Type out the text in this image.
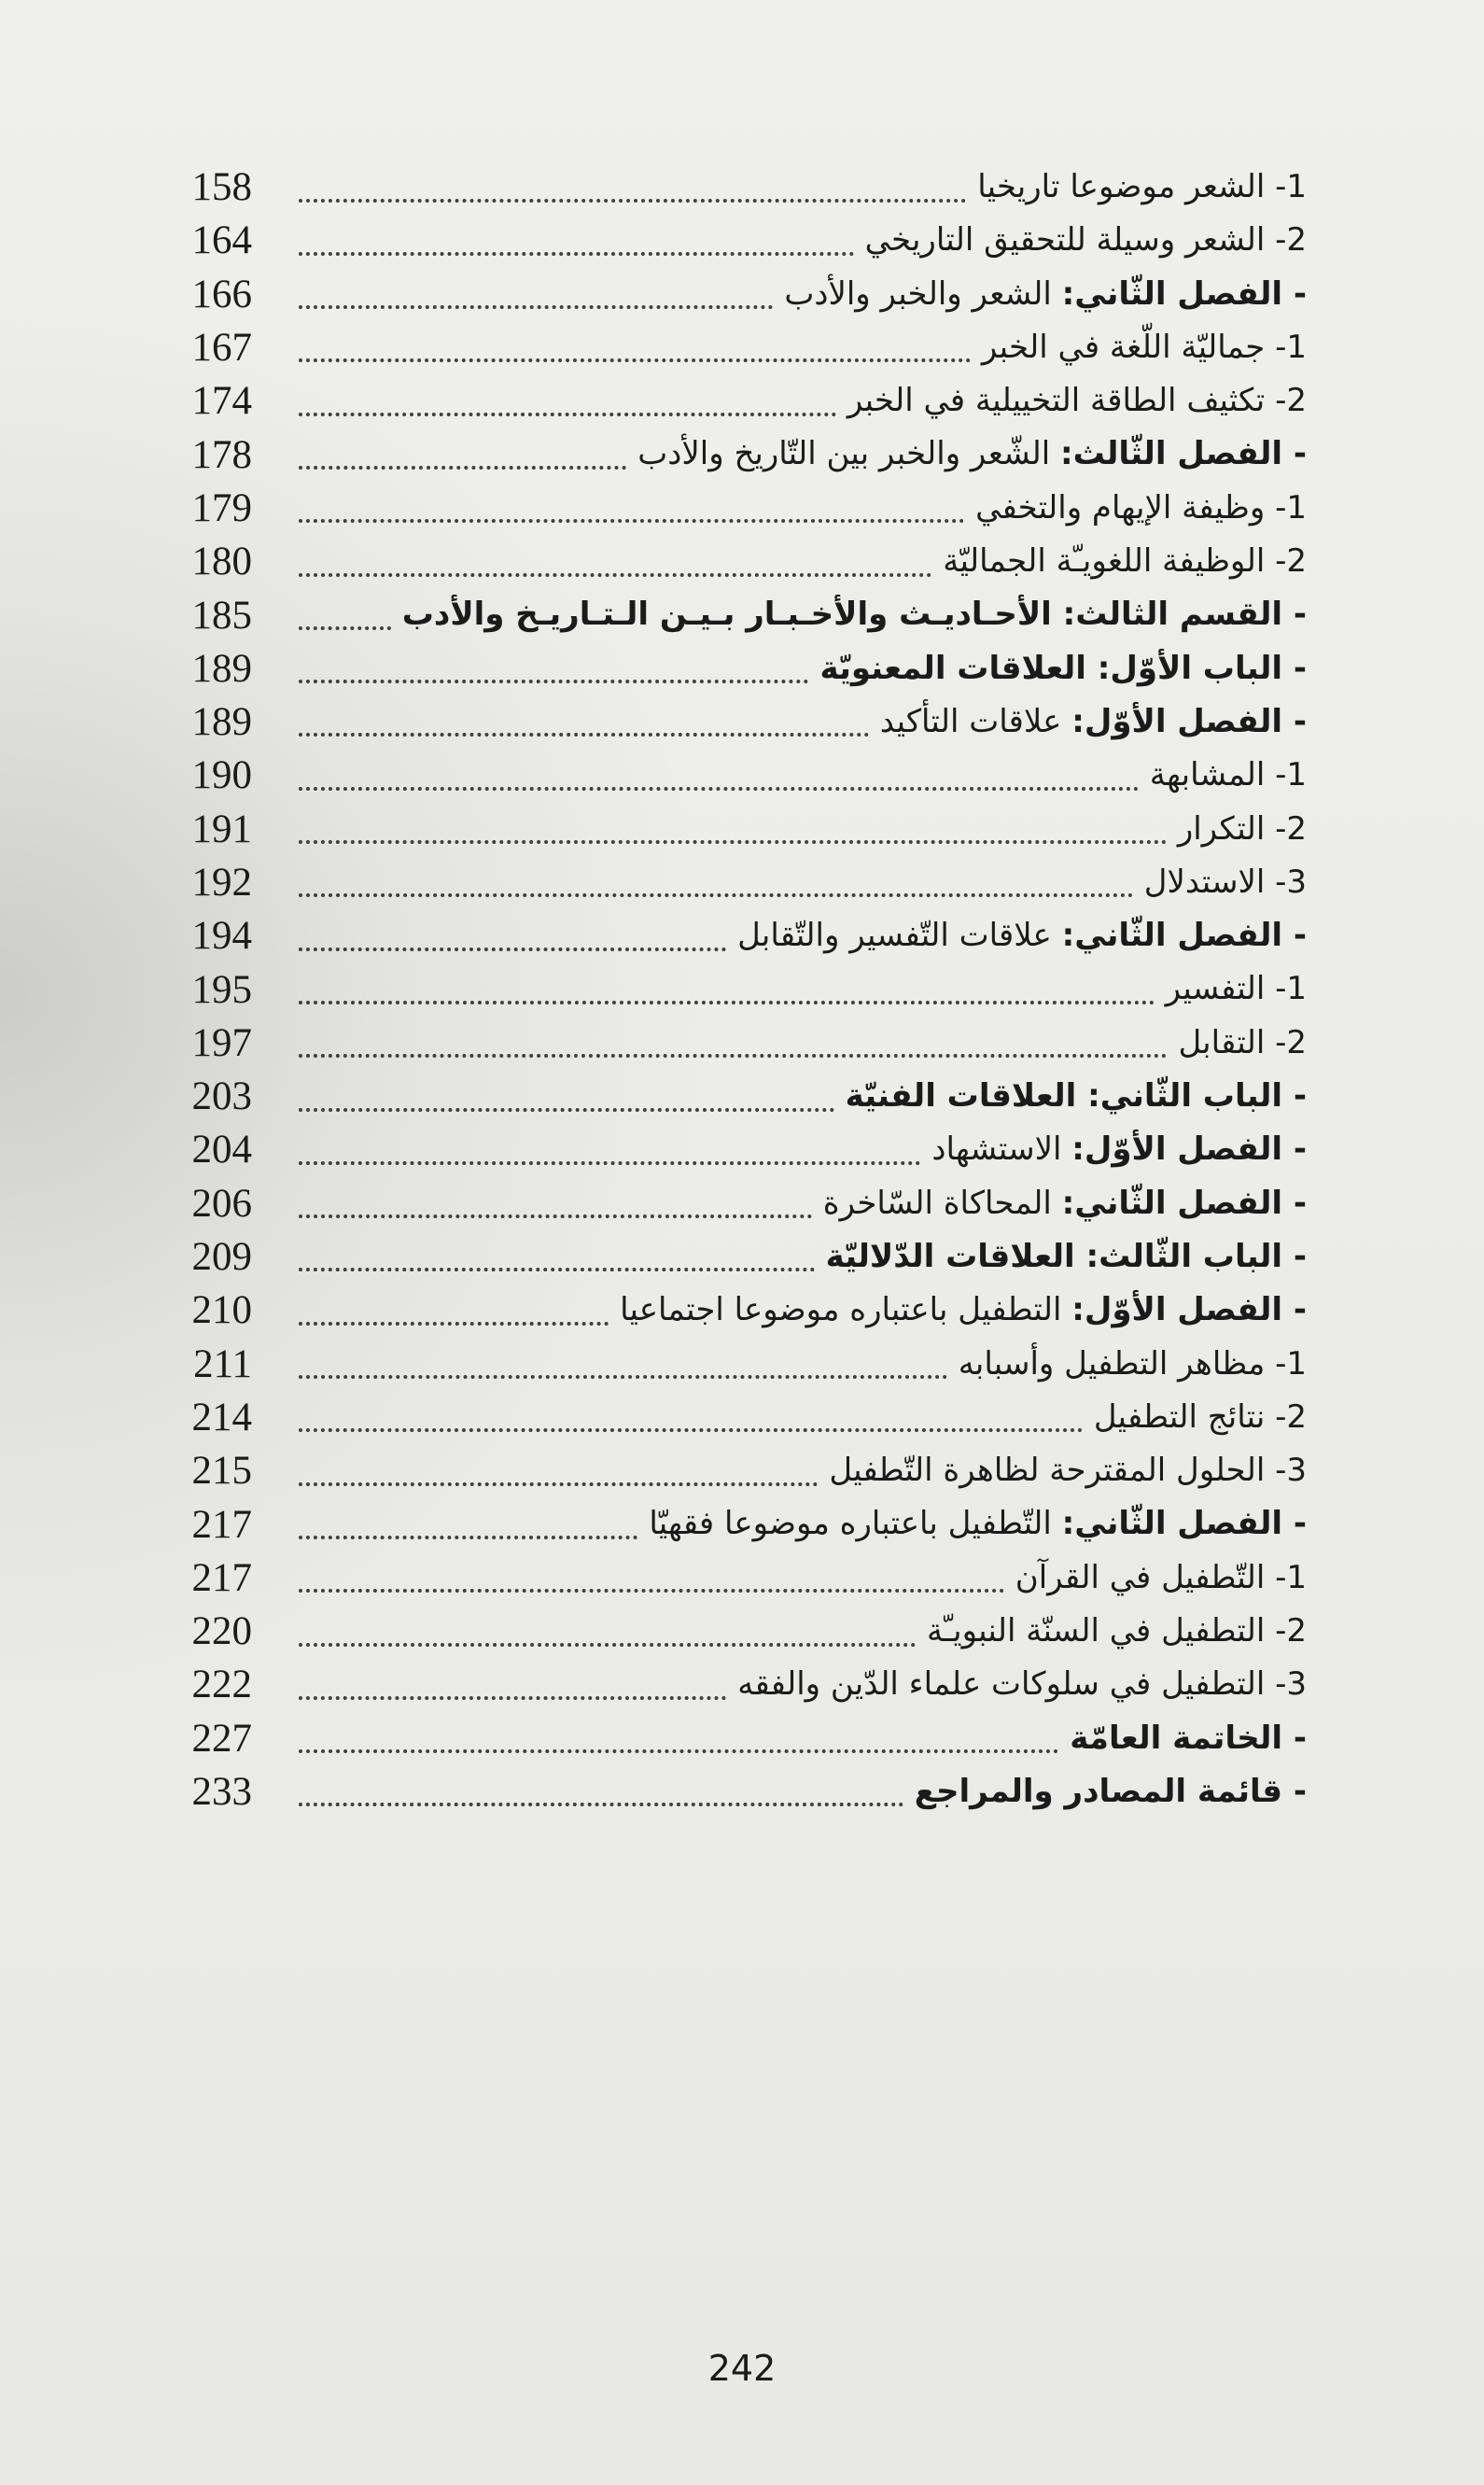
158	1- الشعر موضوعا تاريخيا
164	2- الشعر وسيلة للتحقيق التاريخي
166	- الفصل الثّاني: الشعر والخبر والأدب
167	1- جماليّة اللّغة في الخبر
174	2- تكثيف الطاقة التخييلية في الخبر
178	- الفصل الثّالث: الشّعر والخبر بين التّاريخ والأدب
179	1- وظيفة الإيهام والتخفي
180	2- الوظيفة اللغويـّة الجماليّة
185	- القسم الثالث: الأحـاديـث والأخـبـار بـيـن الـتـاريـخ والأدب
189	- الباب الأوّل: العلاقات المعنويّة
189	- الفصل الأوّل: علاقات التأكيد
190	1- المشابهة
191	2- التكرار
192	3- الاستدلال
194	- الفصل الثّاني: علاقات التّفسير والتّقابل
195	1- التفسير
197	2- التقابل
203	- الباب الثّاني: العلاقات الفنيّة
204	- الفصل الأوّل: الاستشهاد
206	- الفصل الثّاني: المحاكاة السّاخرة
209	- الباب الثّالث: العلاقات الدّلاليّة
210	- الفصل الأوّل: التطفيل باعتباره موضوعا اجتماعيا
211	1- مظاهر التطفيل وأسبابه
214	2- نتائج التطفيل
215	3- الحلول المقترحة لظاهرة التّطفيل
217	- الفصل الثّاني: التّطفيل باعتباره موضوعا فقهيّا
217	1- التّطفيل في القرآن
220	2- التطفيل في السنّة النبويـّة
222	3- التطفيل في سلوكات علماء الدّين والفقه
227	- الخاتمة العامّة
233	- قائمة المصادر والمراجع
242
